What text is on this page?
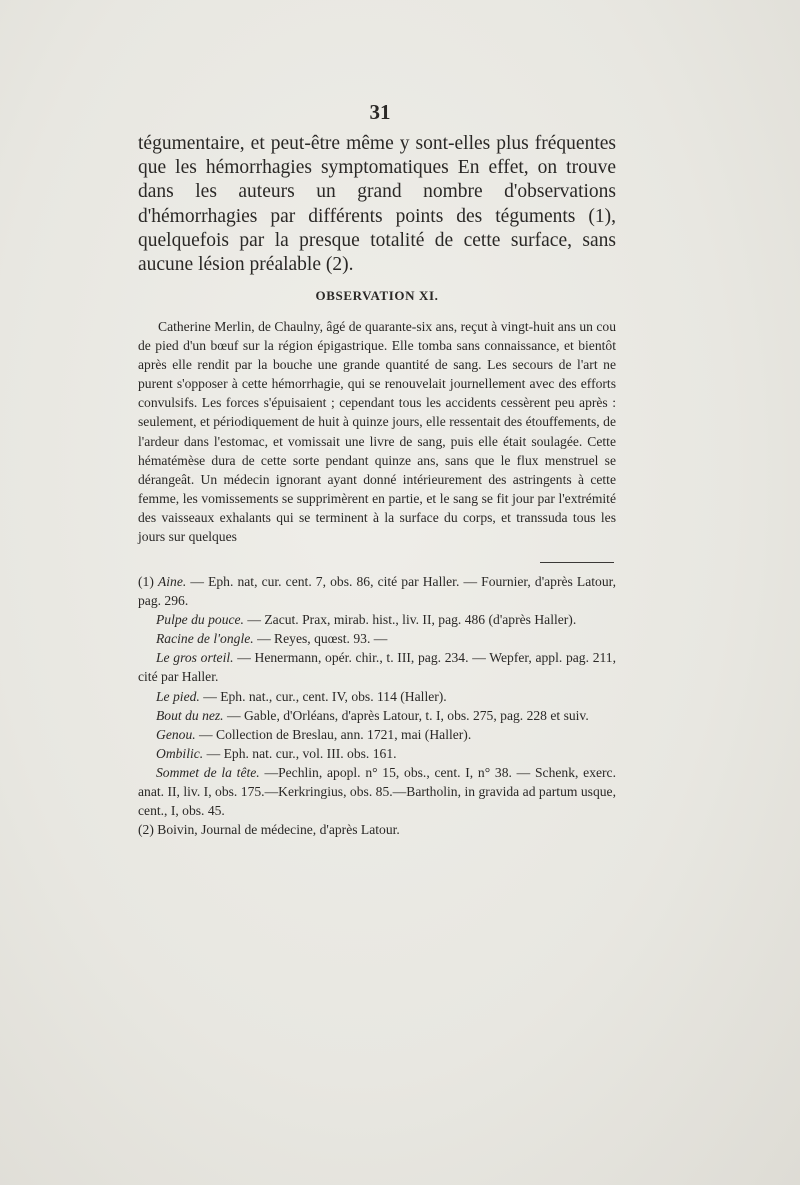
31

tégumentaire, et peut-être même y sont-elles plus fréquentes que les hémorrhagies symptomatiques En effet, on trouve dans les auteurs un grand nombre d'observations d'hémorrhagies par différents points des téguments (1), quelquefois par la presque totalité de cette surface, sans aucune lésion préalable (2).

OBSERVATION XI.

Catherine Merlin, de Chaulny, âgé de quarante-six ans, reçut à vingt-huit ans un cou de pied d'un bœuf sur la région épigastrique. Elle tomba sans connaissance, et bientôt après elle rendit par la bouche une grande quantité de sang. Les secours de l'art ne purent s'opposer à cette hémorrhagie, qui se renouvelait journellement avec des efforts convulsifs. Les forces s'épuisaient ; cependant tous les accidents cessèrent peu après : seulement, et périodiquement de huit à quinze jours, elle ressentait des étouffements, de l'ardeur dans l'estomac, et vomissait une livre de sang, puis elle était soulagée. Cette hématémèse dura de cette sorte pendant quinze ans, sans que le flux menstruel se dérangeât. Un médecin ignorant ayant donné intérieurement des astringents à cette femme, les vomissements se supprimèrent en partie, et le sang se fit jour par l'extrémité des vaisseaux exhalants qui se terminent à la surface du corps, et transsuda tous les jours sur quelques

(1) Aine. — Eph. nat, cur. cent. 7, obs. 86, cité par Haller. — Fournier, d'après Latour, pag. 296.

Pulpe du pouce. — Zacut. Prax, mirab. hist., liv. II, pag. 486 (d'après Haller).

Racine de l'ongle. — Reyes, quœst. 93. —

Le gros orteil. — Henermann, opér. chir., t. III, pag. 234. — Wepfer, appl. pag. 211, cité par Haller.

Le pied. — Eph. nat., cur., cent. IV, obs. 114 (Haller).

Bout du nez. — Gable, d'Orléans, d'après Latour, t. I, obs. 275, pag. 228 et suiv.

Genou. — Collection de Breslau, ann. 1721, mai (Haller).

Ombilic. — Eph. nat. cur., vol. III. obs. 161.

Sommet de la tête. —Pechlin, apopl. n° 15, obs., cent. I, n° 38. — Schenk, exerc. anat. II, liv. I, obs. 175.—Kerkringius, obs. 85.—Bartholin, in gravida ad partum usque, cent., I, obs. 45.

(2) Boivin, Journal de médecine, d'après Latour.
